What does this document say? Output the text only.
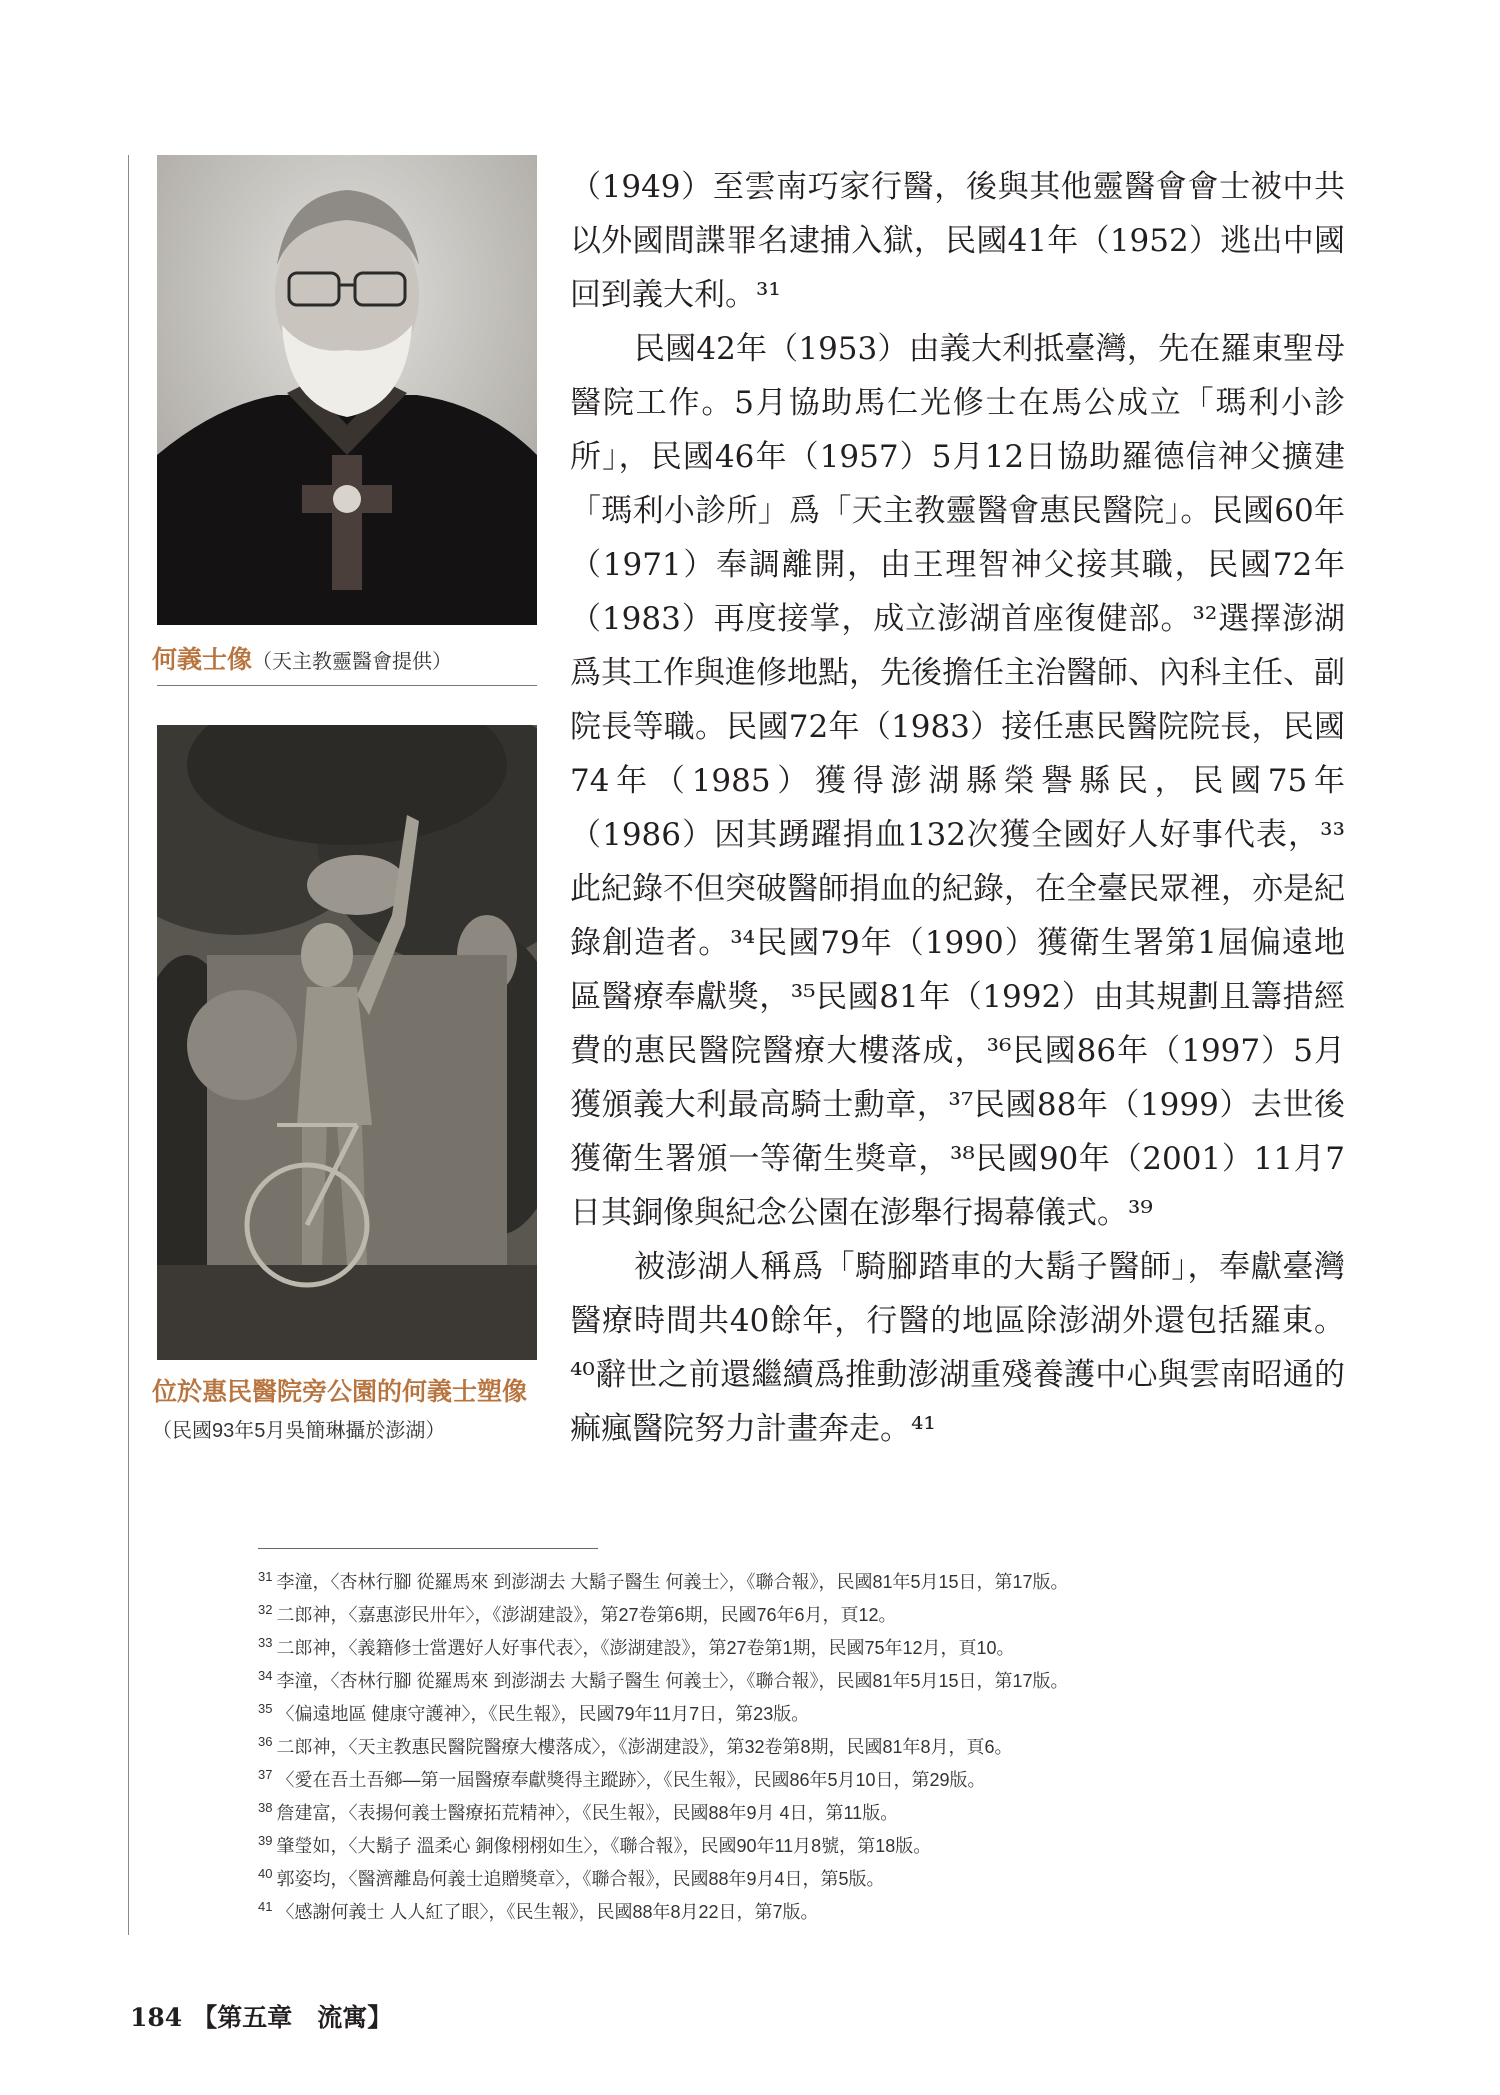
何義士像（天主教靈醫會提供）
位於惠民醫院旁公園的何義士塑像
（民國93年5月吳簡琳攝於澎湖）

（1949）至雲南巧家行醫，後與其他靈醫會會士被中共以外國間諜罪名逮捕入獄，民國41年（1952）逃出中國回到義大利。³¹

民國42年（1953）由義大利抵臺灣，先在羅東聖母醫院工作。5月協助馬仁光修士在馬公成立「瑪利小診所」，民國46年（1957）5月12日協助羅德信神父擴建「瑪利小診所」爲「天主教靈醫會惠民醫院」。民國60年（1971）奉調離開，由王理智神父接其職，民國72年（1983）再度接掌，成立澎湖首座復健部。³²選擇澎湖爲其工作與進修地點，先後擔任主治醫師、內科主任、副院長等職。民國72年（1983）接任惠民醫院院長，民國74年（1985）獲得澎湖縣榮譽縣民，民國75年（1986）因其踴躍捐血132次獲全國好人好事代表，³³此紀錄不但突破醫師捐血的紀錄，在全臺民眾裡，亦是紀錄創造者。³⁴民國79年（1990）獲衛生署第1屆偏遠地區醫療奉獻獎，³⁵民國81年（1992）由其規劃且籌措經費的惠民醫院醫療大樓落成，³⁶民國86年（1997）5月獲頒義大利最高騎士勳章，³⁷民國88年（1999）去世後獲衛生署頒一等衛生獎章，³⁸民國90年（2001）11月7日其銅像與紀念公園在澎舉行揭幕儀式。³⁹

被澎湖人稱爲「騎腳踏車的大鬍子醫師」，奉獻臺灣醫療時間共40餘年，行醫的地區除澎湖外還包括羅東。⁴⁰辭世之前還繼續爲推動澎湖重殘養護中心與雲南昭通的痲瘋醫院努力計畫奔走。⁴¹

$^{31}$ 李潼，〈杏林行腳 從羅馬來 到澎湖去 大鬍子醫生 何義士〉，《聯合報》，民國81年5月15日，第17版。
$^{32}$ 二郎神，〈嘉惠澎民卅年〉，《澎湖建設》，第27卷第6期，民國76年6月，頁12。
$^{33}$ 二郎神，〈義籍修士當選好人好事代表〉，《澎湖建設》，第27卷第1期，民國75年12月，頁10。
$^{34}$ 李潼，〈杏林行腳 從羅馬來 到澎湖去 大鬍子醫生 何義士〉，《聯合報》，民國81年5月15日，第17版。
$^{35}$ 〈偏遠地區 健康守護神〉，《民生報》，民國79年11月7日，第23版。
$^{36}$ 二郎神，〈天主教惠民醫院醫療大樓落成〉，《澎湖建設》，第32卷第8期，民國81年8月，頁6。
$^{37}$ 〈愛在吾土吾鄉—第一屆醫療奉獻獎得主蹤跡〉，《民生報》，民國86年5月10日，第29版。
$^{38}$ 詹建富，〈表揚何義士醫療拓荒精神〉，《民生報》，民國88年9月 4日，第11版。
$^{39}$ 肇瑩如，〈大鬍子 溫柔心 銅像栩栩如生〉，《聯合報》，民國90年11月8號，第18版。
$^{40}$ 郭姿均，〈醫濟離島何義士追贈獎章〉，《聯合報》，民國88年9月4日，第5版。
$^{41}$ 〈感謝何義士 人人紅了眼〉，《民生報》，民國88年8月22日，第7版。
184 【第五章　流寓】
